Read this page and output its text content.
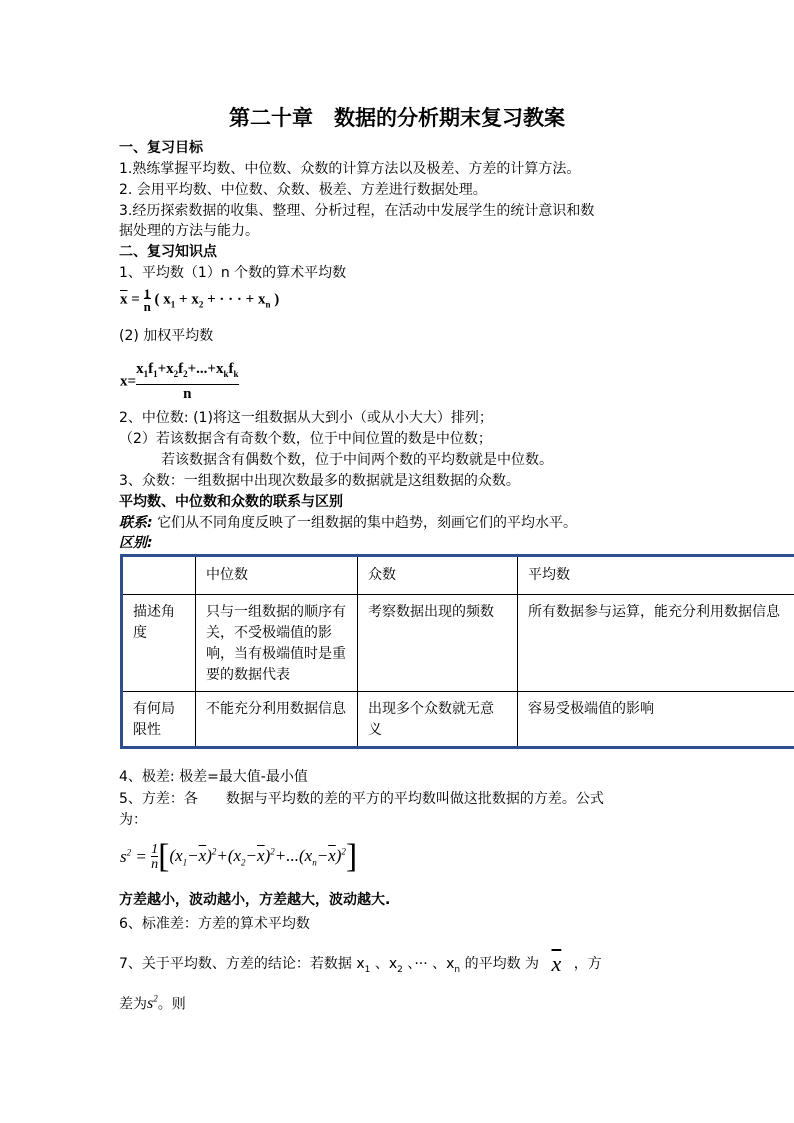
第二十章　数据的分析期末复习教案
一、复习目标
1.熟练掌握平均数、中位数、众数的计算方法以及极差、方差的计算方法。
2. 会用平均数、中位数、众数、极差、方差进行数据处理。
3.经历探索数据的收集、整理、分析过程，在活动中发展学生的统计意识和数
据处理的方法与能力。
二、复习知识点
1、平均数（1）n 个数的算术平均数
$\overline{x} = 1$
n ( $x_1 + x_2$ + · · · + $x_n$ )
(2) 加权平均数
x=
$x_1f_1+x_2f_2+...+x_kf_k$
n
2、中位数: (1)将这一组数据从大到小（或从小大大）排列；
（2）若该数据含有奇数个数，位于中间位置的数是中位数；
若该数据含有偶数个数，位于中间两个数的平均数就是中位数。
3、众数：一组数据中出现次数最多的数据就是这组数据的众数。
平均数、中位数和众数的联系与区别
联系: 它们从不同角度反映了一组数据的集中趋势，刻画它们的平均水平。
区别:
	中位数	众数	平均数
描述角度	只与一组数据的顺序有关，不受极端值的影响，当有极端值时是重要的数据代表	考察数据出现的频数	所有数据参与运算，能充分利用数据信息
有何局限性	不能充分利用数据信息	出现多个众数就无意义	容易受极端值的影响
4、极差: 极差=最大值-最小值
5、方差：各　　数据与平均数的差的平方的平均数叫做这批数据的方差。公式
为：
$s^2 = 1$
$n[(x_1-\overline{x})^2+(x_2-\overline{x})^2+...(x_n-\overline{x})^2]$
方差越小，波动越小，方差越大，波动越大.
6、标准差：方差的算术平均数
7、关于平均数、方差的结论：若数据 $x_1$ 、$x_2$ 、··· 、$x_n$ 的平均数 为 $\overline{x}$ ，方
差为$s^2$。则
